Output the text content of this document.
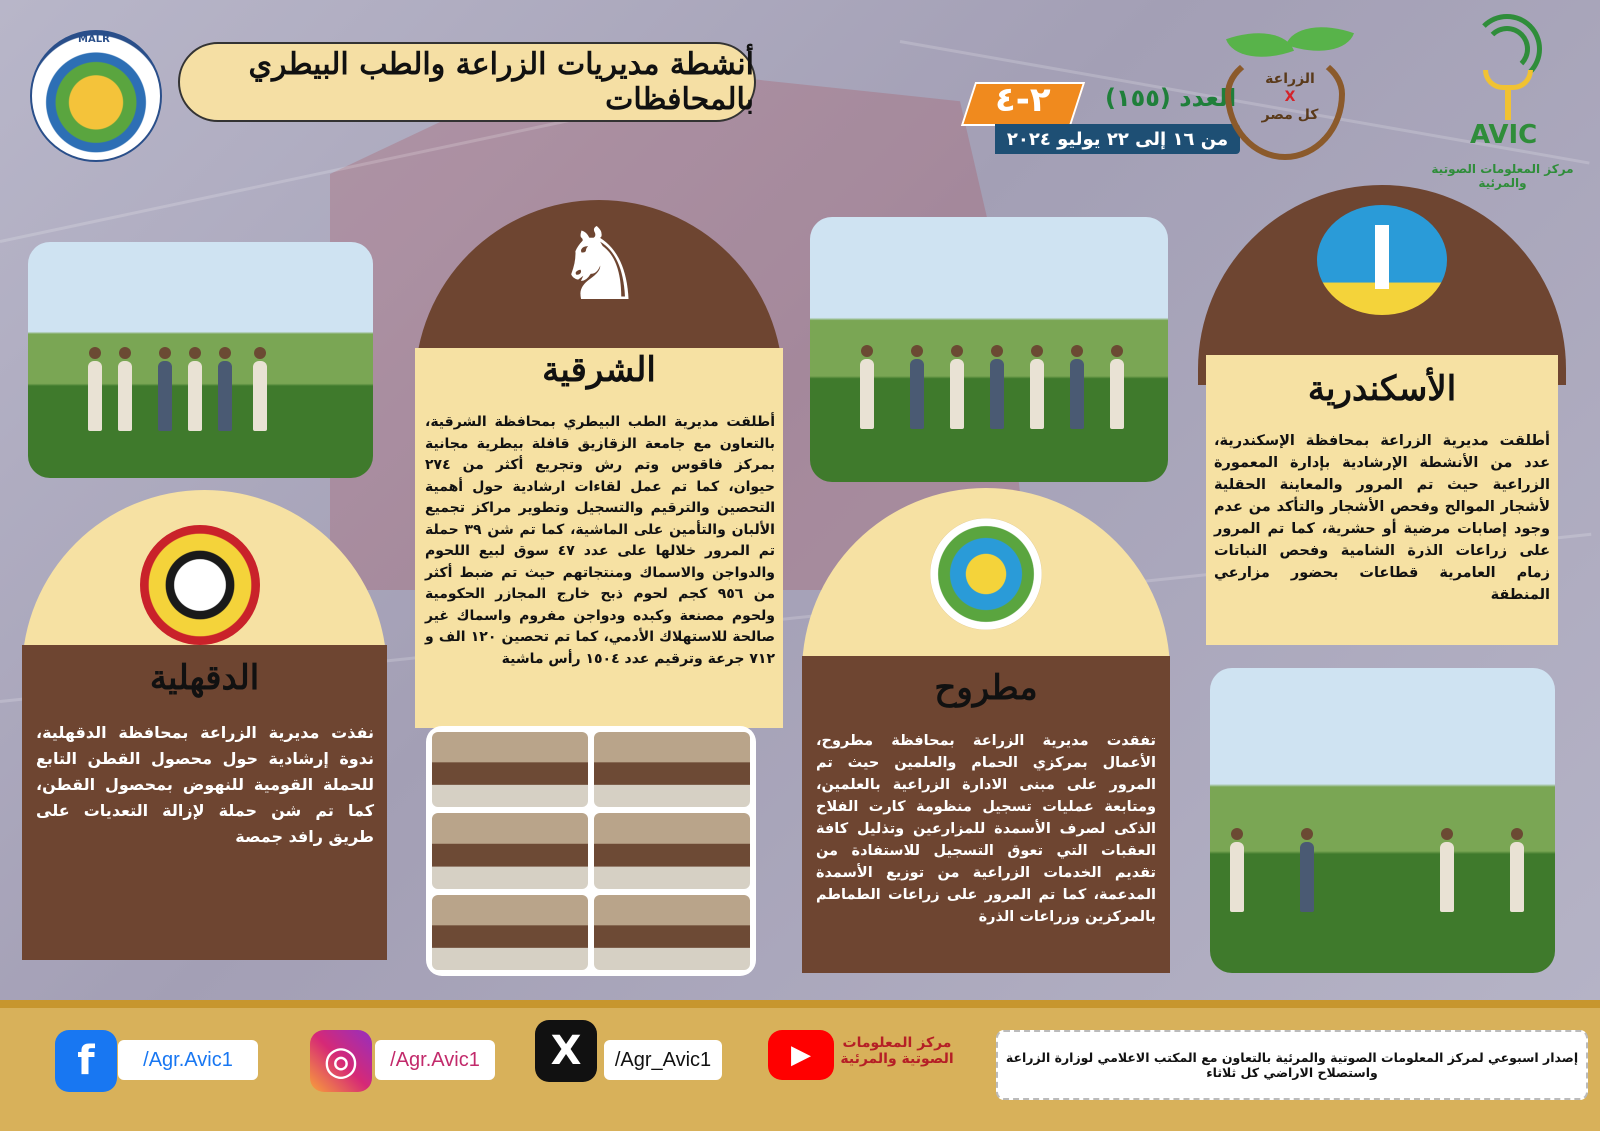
MALR
أنشطة مديريات الزراعة والطب البيطري بالمحافظات	٢-٤ العدد (١٥٥)
من ١٦ إلى ٢٢ يوليو ٢٠٢٤
الزراعة
X
كل مصر
AVIC
مركز المعلومات الصوتية والمرئية
الأسكندرية
أطلقت مديرية الزراعة بمحافظة الإسكندرية، عدد من الأنشطة الإرشادية بإدارة المعمورة الزراعية حيث تم المرور والمعاينة الحقلية لأشجار الموالح وفحص الأشجار والتأكد من عدم وجود إصابات مرضية أو حشرية، كما تم المرور على زراعات الذرة الشامية وفحص النباتات زمام العامرية قطاعات بحضور مزارعي المنطقة
♞
الشرقية
أطلقت مديرية الطب البيطري بمحافظة الشرقية، بالتعاون مع جامعة الزقازيق قافلة بيطرية مجانية بمركز فاقوس وتم رش وتجريع أكثر من ٢٧٤ حيوان، كما تم عمل لقاءات ارشادية حول أهمية التحصين والترقيم والتسجيل وتطوير مراكز تجميع الألبان والتأمين على الماشية، كما تم شن ٣٩ حملة تم المرور خلالها على عدد ٤٧ سوق لبيع اللحوم والدواجن والاسماك ومنتجاتهم حيث تم ضبط أكثر من ٩٥٦ كجم لحوم ذبح خارج المجازر الحكومية ولحوم مصنعة وكبده ودواجن مفروم واسماك غير صالحة للاستهلاك الأدمي، كما تم تحصين ١٢٠ الف و ٧١٢ جرعة وترقيم عدد ١٥٠٤ رأس ماشية
الدقهلية
نفذت مديرية الزراعة بمحافظة الدقهلية، ندوة إرشادية حول محصول القطن التابع للحملة القومية للنهوض بمحصول القطن، كما تم شن حملة لإزالة التعديات على طريق رافد جمصة
مطروح
تفقدت مديرية الزراعة بمحافظة مطروح، الأعمال بمركزي الحمام والعلمين حيث تم المرور على مبنى الادارة الزراعية بالعلمين، ومتابعة عمليات تسجيل منظومة كارت الفلاح الذكى لصرف الأسمدة للمزارعين وتذليل كافة العقبات التي تعوق التسجيل للاستفادة من تقديم الخدمات الزراعية من توزيع الأسمدة المدعمة، كما تم المرور على زراعات الطماطم بالمركزين وزراعات الذرة
f	/Agr.Avic1	◎	/Agr.Avic1	X	/Agr_Avic1	▶	مركز المعلومات الصوتية والمرئية	إصدار اسبوعي لمركز المعلومات الصوتية والمرئية بالتعاون مع المكتب الاعلامي لوزارة الزراعة واستصلاح الاراضي كل ثلاثاء
